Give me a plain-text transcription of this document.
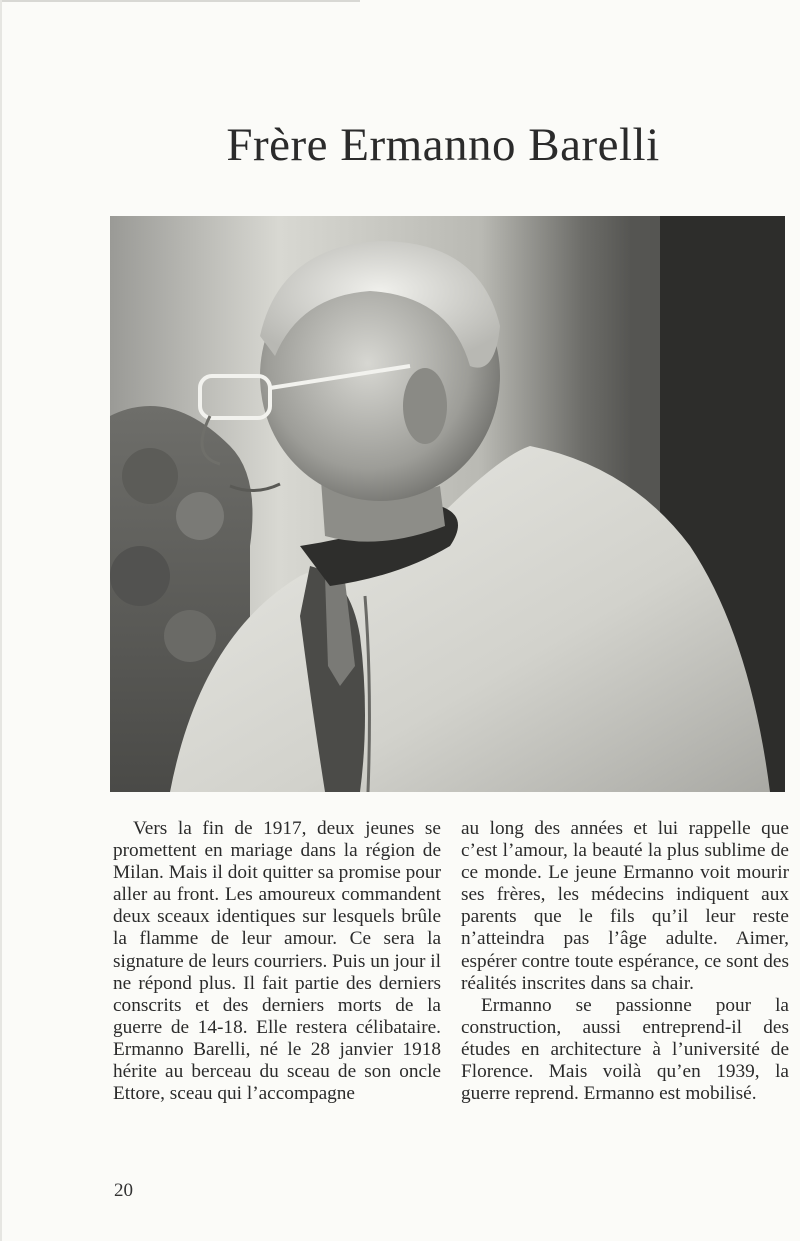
Frère Ermanno Barelli

Vers la fin de 1917, deux jeunes se promettent en mariage dans la région de Milan. Mais il doit quitter sa promise pour aller au front. Les amoureux commandent deux sceaux identiques sur lesquels brûle la flamme de leur amour. Ce sera la signature de leurs courriers. Puis un jour il ne répond plus. Il fait partie des derniers conscrits et des derniers morts de la guerre de 14-18. Elle restera célibataire. Ermanno Barelli, né le 28 janvier 1918 hérite au berceau du sceau de son oncle Ettore, sceau qui l’accompagne

au long des années et lui rappelle que c’est l’amour, la beauté la plus sublime de ce monde. Le jeune Ermanno voit mourir ses frères, les médecins indiquent aux parents que le fils qu’il leur reste n’atteindra pas l’âge adulte. Aimer, espérer contre toute espérance, ce sont des réalités inscrites dans sa chair.

Ermanno se passionne pour la construction, aussi entreprend-il des études en architecture à l’université de Florence. Mais voilà qu’en 1939, la guerre reprend. Ermanno est mobilisé.

20
